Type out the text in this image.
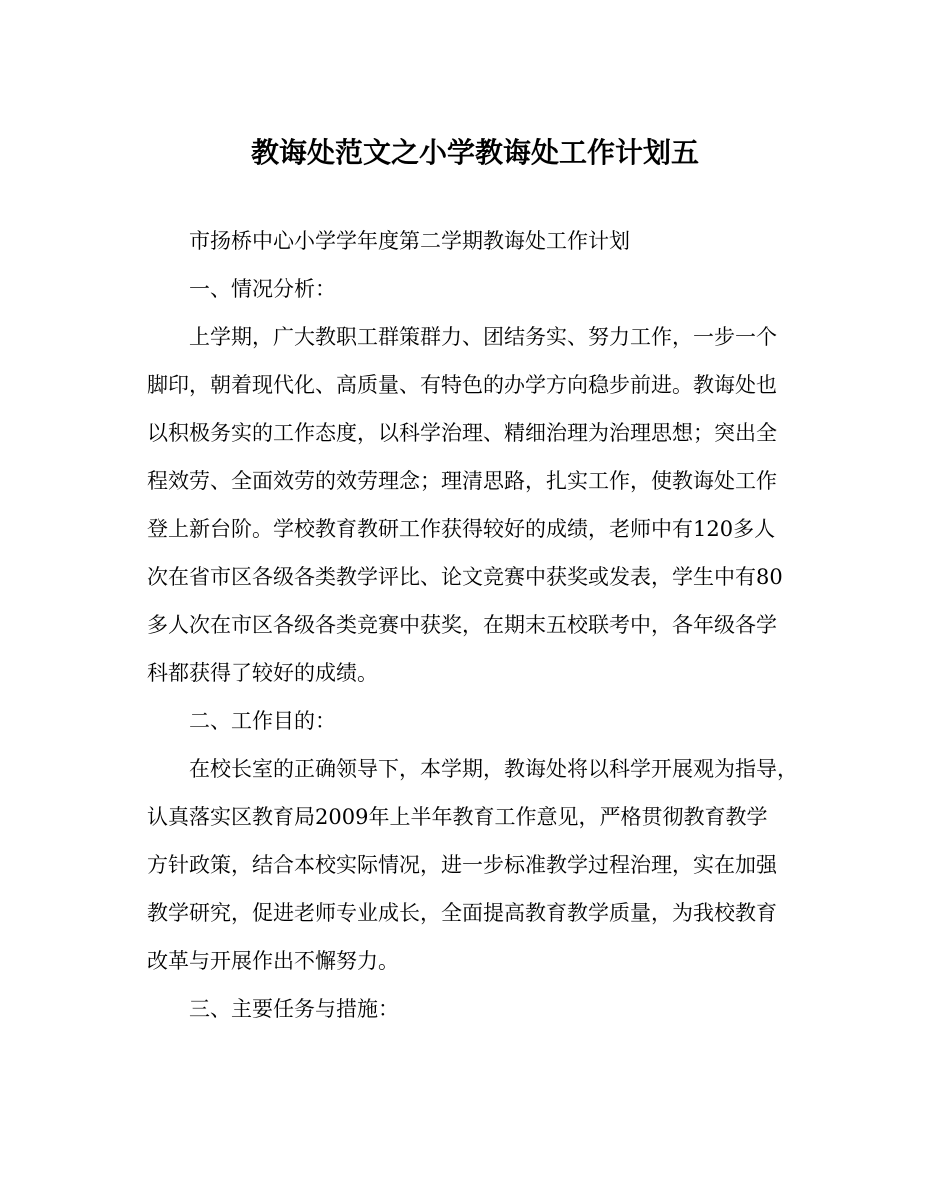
教诲处范文之小学教诲处工作计划五
市扬桥中心小学学年度第二学期教诲处工作计划
一、情况分析：
上学期，广大教职工群策群力、团结务实、努力工作，一步一个
脚印，朝着现代化、高质量、有特色的办学方向稳步前进。教诲处也
以积极务实的工作态度，以科学治理、精细治理为治理思想；突出全
程效劳、全面效劳的效劳理念；理清思路，扎实工作，使教诲处工作
登上新台阶。学校教育教研工作获得较好的成绩，老师中有120多人
次在省市区各级各类教学评比、论文竞赛中获奖或发表，学生中有80
多人次在市区各级各类竞赛中获奖，在期末五校联考中，各年级各学
科都获得了较好的成绩。
二、工作目的：
在校长室的正确领导下，本学期，教诲处将以科学开展观为指导，
认真落实区教育局2009年上半年教育工作意见，严格贯彻教育教学
方针政策，结合本校实际情况，进一步标准教学过程治理，实在加强
教学研究，促进老师专业成长，全面提高教育教学质量，为我校教育
改革与开展作出不懈努力。
三、主要任务与措施：
